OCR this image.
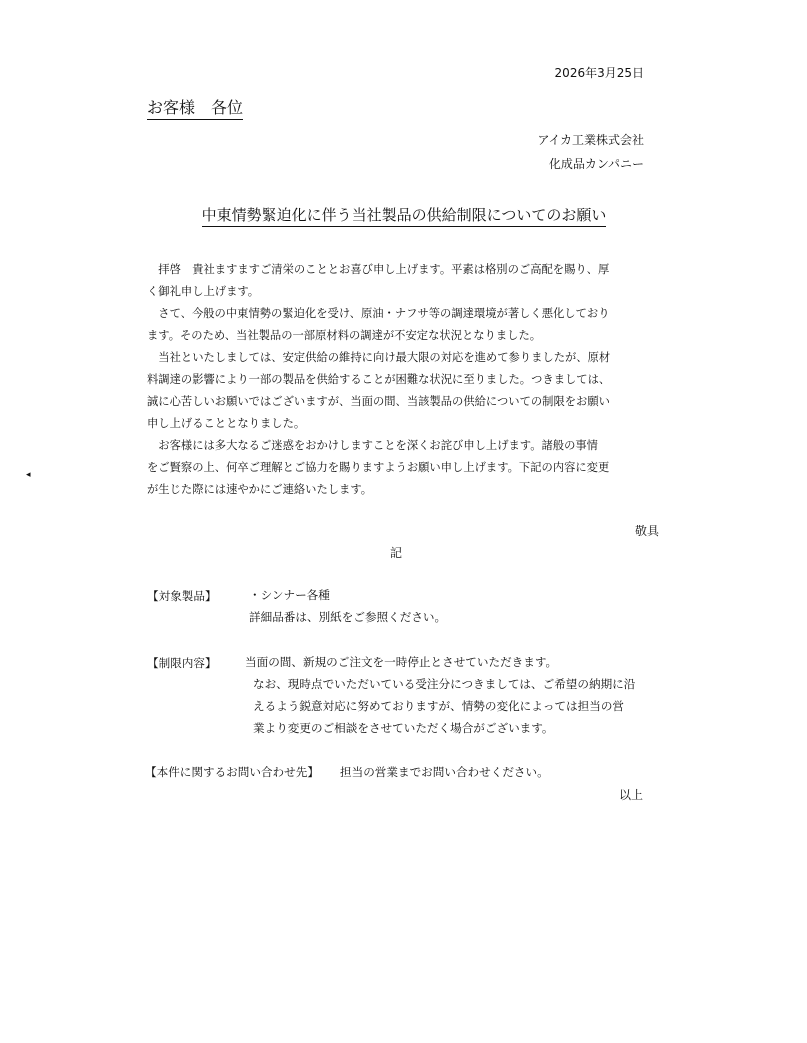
2026年3月25日
お客様　各位
アイカ工業株式会社
化成品カンパニー
中東情勢緊迫化に伴う当社製品の供給制限についてのお願い

　拝啓　貴社ますますご清栄のこととお喜び申し上げます。平素は格別のご高配を賜り、厚

く御礼申し上げます。

　さて、今般の中東情勢の緊迫化を受け、原油・ナフサ等の調達環境が著しく悪化しており

ます。そのため、当社製品の一部原材料の調達が不安定な状況となりました。

　当社といたしましては、安定供給の維持に向け最大限の対応を進めて参りましたが、原材

料調達の影響により一部の製品を供給することが困難な状況に至りました。つきましては、

誠に心苦しいお願いではございますが、当面の間、当該製品の供給についての制限をお願い

申し上げることとなりました。

　お客様には多大なるご迷惑をおかけしますことを深くお詫び申し上げます。諸般の事情

をご賢察の上、何卒ご理解とご協力を賜りますようお願い申し上げます。下記の内容に変更

が生じた際には速やかにご連絡いたします。

敬具
記
【対象製品】	・シンナー各種
詳細品番は、別紙をご参照ください。
【制限内容】 当面の間、新規のご注文を一時停止とさせていただきます。
なお、現時点でいただいている受注分につきましては、ご希望の納期に沿
えるよう鋭意対応に努めておりますが、情勢の変化によっては担当の営
業より変更のご相談をさせていただく場合がございます。
【本件に関するお問い合わせ先】 担当の営業までお問い合わせください。
以上
◂
